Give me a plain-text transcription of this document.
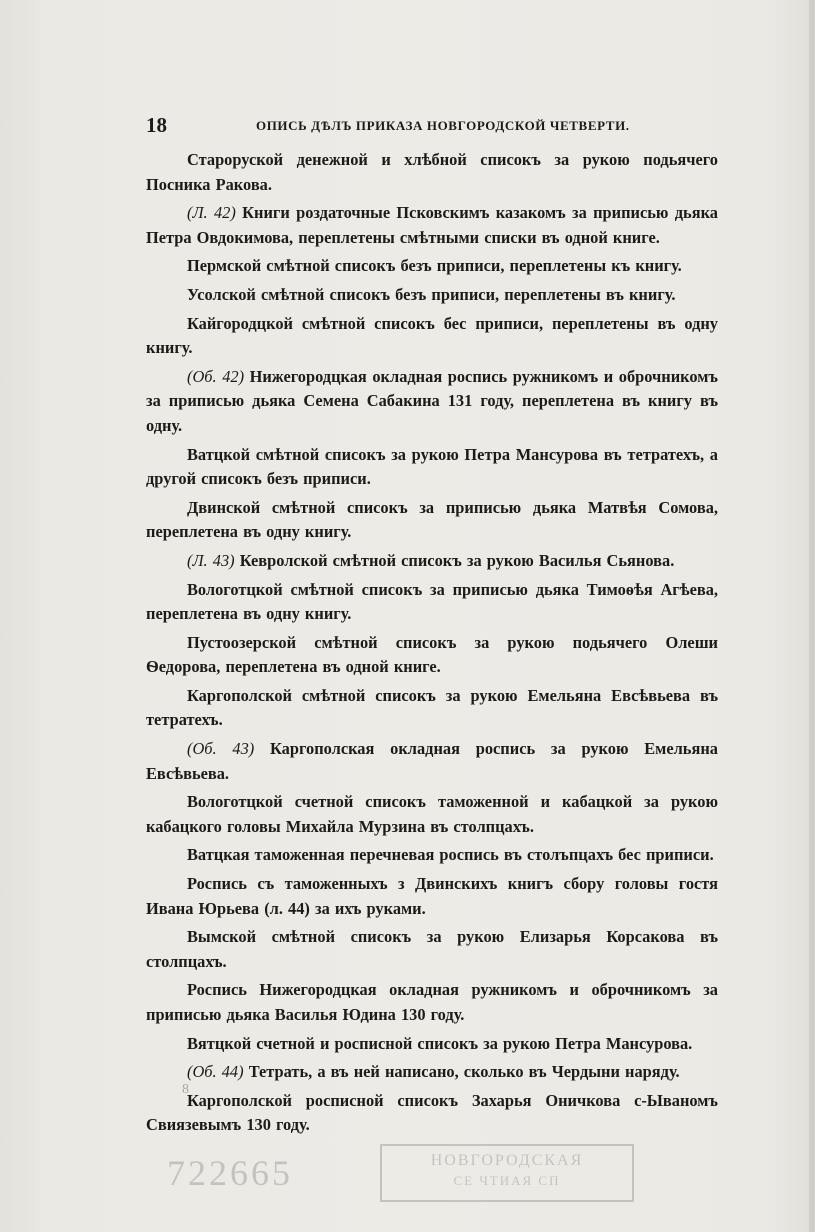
18	ОПИСЬ ДѢЛЪ ПРИКАЗА НОВГОРОДСКОЙ ЧЕТВЕРТИ.

Староруской денежной и хлѣбной списокъ за рукою подьячего Посника Ракова.

(Л. 42) Книги роздаточные Псковскимъ казакомъ за приписью дьяка Петра Овдокимова, переплетены смѣтными списки въ одной книге.

Пермской смѣтной списокъ безъ приписи, переплетены къ книгу.

Усолской смѣтной списокъ безъ приписи, переплетены въ книгу.

Кайгородцкой смѣтной списокъ бес приписи, переплетены въ одну книгу.

(Об. 42) Нижегородцкая окладная роспись ружникомъ и оброчникомъ за приписью дьяка Семена Сабакина 131 году, переплетена въ книгу въ одну.

Ватцкой смѣтной списокъ за рукою Петра Мансурова въ тетратехъ, а другой списокъ безъ приписи.

Двинской смѣтной списокъ за приписью дьяка Матвѣя Сомова, переплетена въ одну книгу.

(Л. 43) Кевролской смѣтной списокъ за рукою Василья Сьянова.

Вологотцкой смѣтной списокъ за приписью дьяка Тимоѳѣя Агѣева, переплетена въ одну книгу.

Пустоозерской смѣтной списокъ за рукою подьячего Олеши Ѳедорова, переплетена въ одной книге.

Каргополской смѣтной списокъ за рукою Емельяна Евсѣвьева въ тетратехъ.

(Об. 43) Каргополская окладная роспись за рукою Емельяна Евсѣвьева.

Вологотцкой счетной списокъ таможенной и кабацкой за рукою кабацкого головы Михайла Мурзина въ столпцахъ.

Ватцкая таможенная перечневая роспись въ столъпцахъ бес приписи.

Роспись съ таможенныхъ з Двинскихъ книгъ сбору головы гостя Ивана Юрьева (л. 44) за ихъ руками.

Вымской смѣтной списокъ за рукою Елизарья Корсакова въ столпцахъ.

Роспись Нижегородцкая окладная ружникомъ и оброчникомъ за приписью дьяка Василья Юдина 130 году.

Вятцкой счетной и росписной списокъ за рукою Петра Мансурова.

(Об. 44) Тетрать, а въ ней написано, сколько въ Чердыни наряду.

Каргополской росписной списокъ Захарья Оничкова с-Ываномъ Свиязевымъ 130 году.

8
722665	НОВГОРОДСКАЯ
СЕ ЧТИАЯ СП
